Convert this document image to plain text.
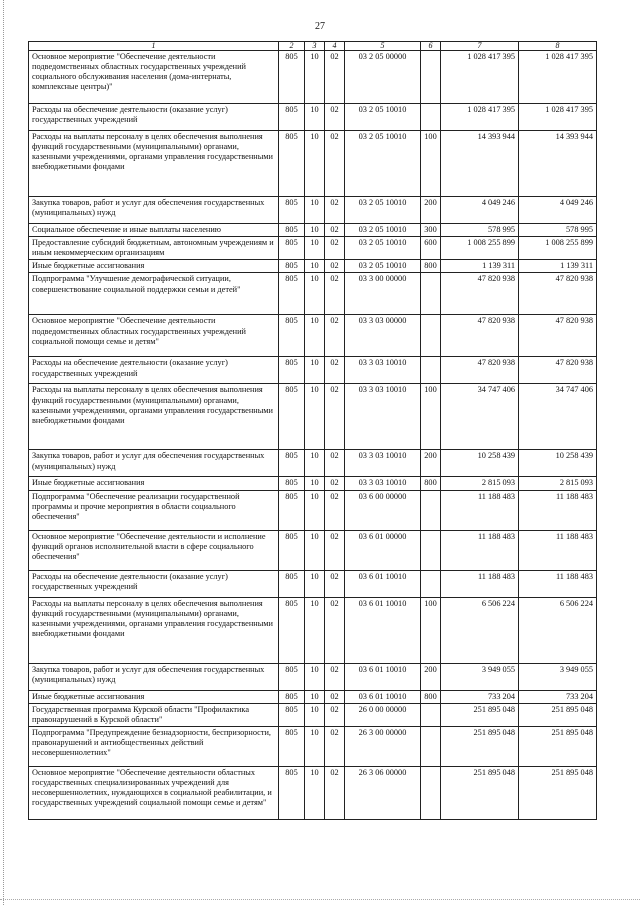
27
1	2	3	4	5	6	7	8
Основное мероприятие "Обеспечение деятельности подведомственных областных государственных учреждений социального обслуживания населения (дома-интернаты, комплексные центры)"	805	10	02	03 2 05 00000		1 028 417 395	1 028 417 395
Расходы на обеспечение деятельности (оказание услуг) государственных учреждений	805	10	02	03 2 05 10010		1 028 417 395	1 028 417 395
Расходы на выплаты персоналу в целях обеспечения выполнения функций государственными (муниципальными) органами, казенными учреждениями, органами управления государственными внебюджетными фондами	805	10	02	03 2 05 10010	100	14 393 944	14 393 944
Закупка товаров, работ и услуг для обеспечения государственных (муниципальных) нужд	805	10	02	03 2 05 10010	200	4 049 246	4 049 246
Социальное обеспечение и иные выплаты населению	805	10	02	03 2 05 10010	300	578 995	578 995
Предоставление субсидий бюджетным, автономным учреждениям и иным некоммерческим организациям	805	10	02	03 2 05 10010	600	1 008 255 899	1 008 255 899
Иные бюджетные ассигнования	805	10	02	03 2 05 10010	800	1 139 311	1 139 311
Подпрограмма "Улучшение демографической ситуации, совершенствование социальной поддержки семьи и детей"	805	10	02	03 3 00 00000		47 820 938	47 820 938
Основное мероприятие "Обеспечение деятельности подведомственных областных государственных учреждений социальной помощи семье и детям"	805	10	02	03 3 03 00000		47 820 938	47 820 938
Расходы на обеспечение деятельности (оказание услуг) государственных учреждений	805	10	02	03 3 03 10010		47 820 938	47 820 938
Расходы на выплаты персоналу в целях обеспечения выполнения функций государственными (муниципальными) органами, казенными учреждениями, органами управления государственными внебюджетными фондами	805	10	02	03 3 03 10010	100	34 747 406	34 747 406
Закупка товаров, работ и услуг для обеспечения государственных (муниципальных) нужд	805	10	02	03 3 03 10010	200	10 258 439	10 258 439
Иные бюджетные ассигнования	805	10	02	03 3 03 10010	800	2 815 093	2 815 093
Подпрограмма "Обеспечение реализации государственной программы и прочие мероприятия в области социального обеспечения"	805	10	02	03 6 00 00000		11 188 483	11 188 483
Основное мероприятие "Обеспечение деятельности и исполнение функций органов исполнительной власти в сфере социального обеспечения"	805	10	02	03 6 01 00000		11 188 483	11 188 483
Расходы на обеспечение деятельности (оказание услуг) государственных учреждений	805	10	02	03 6 01 10010		11 188 483	11 188 483
Расходы на выплаты персоналу в целях обеспечения выполнения функций государственными (муниципальными) органами, казенными учреждениями, органами управления государственными внебюджетными фондами	805	10	02	03 6 01 10010	100	6 506 224	6 506 224
Закупка товаров, работ и услуг для обеспечения государственных (муниципальных) нужд	805	10	02	03 6 01 10010	200	3 949 055	3 949 055
Иные бюджетные ассигнования	805	10	02	03 6 01 10010	800	733 204	733 204
Государственная программа Курской области "Профилактика правонарушений в Курской области"	805	10	02	26 0 00 00000		251 895 048	251 895 048
Подпрограмма "Предупреждение безнадзорности, беспризорности, правонарушений и антиобщественных действий несовершеннолетних"	805	10	02	26 3 00 00000		251 895 048	251 895 048
Основное мероприятие "Обеспечение деятельности областных государственных специализированных учреждений для несовершеннолетних, нуждающихся в социальной реабилитации, и государственных учреждений социальной помощи семье и детям"	805	10	02	26 3 06 00000		251 895 048	251 895 048
